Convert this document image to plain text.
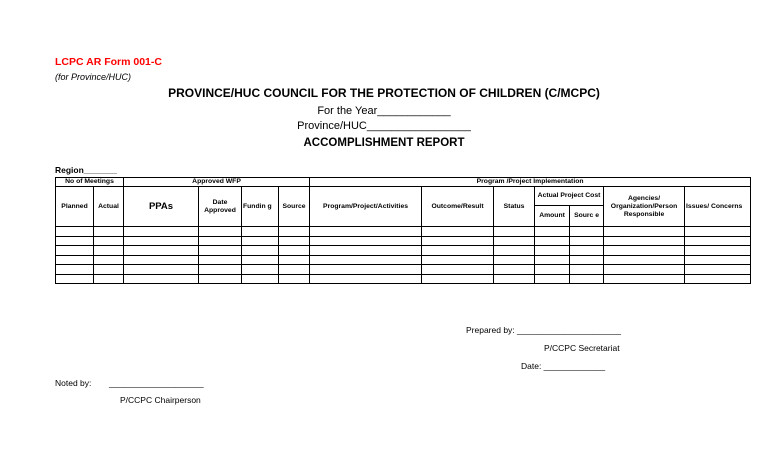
LCPC AR Form 001-C
(for Province/HUC)
PROVINCE/HUC COUNCIL FOR THE PROTECTION OF CHILDREN (C/MCPC)
For the Year____________
Province/HUC_________________
ACCOMPLISHMENT REPORT
Region_______
No of Meetings		Approved WFP				Program /Project Implementation						
Planned	Actual	PPAs	Date Approved	Fundin g	Source	Program/Project/Activities	Outcome/Result	Status	Actual Project Cost		Agencies/ Organization/Person Responsible	Issues/ Concerns
									Amount	Sourc e		

Prepared by: ______________________
P/CCPC Secretariat
Date: _____________
Noted by: ____________________
P/CCPC Chairperson
